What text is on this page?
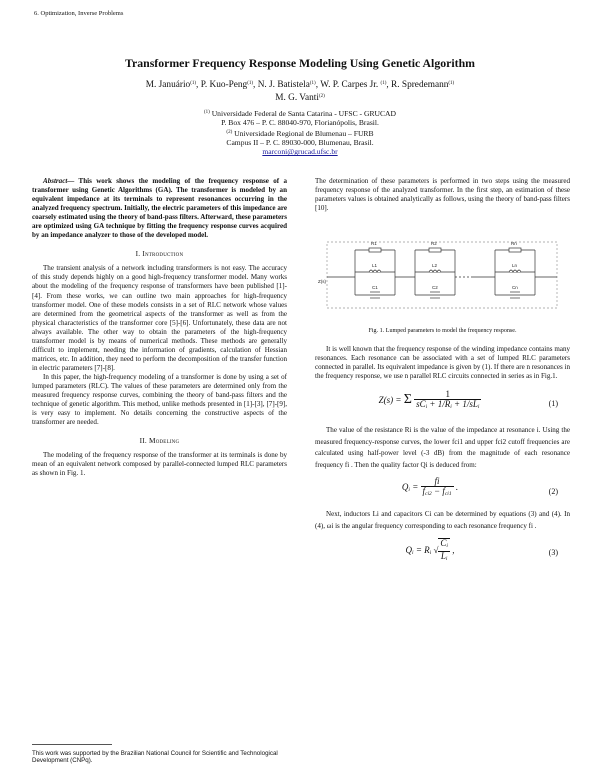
6. Optimization, Inverse Problems
Transformer Frequency Response Modeling Using Genetic Algorithm
M. Januário$^{(1)}$, P. Kuo-Peng$^{(1)}$, N. J. Batistela$^{(1)}$, W. P. Carpes Jr. $^{(1)}$, R. Spredemann$^{(1)}$
M. G. Vanti$^{(2)}$
$^{(1)}$ Universidade Federal de Santa Catarina - UFSC - GRUCAD
P. Box 476 – P. C. 88040-970, Florianópolis, Brasil.
$^{(2)}$ Universidade Regional de Blumenau – FURB
Campus II – P. C. 89030-000, Blumenau, Brasil.
marconi@grucad.ufsc.br

Abstract— This work shows the modeling of the frequency response of a transformer using Genetic Algorithms (GA). The transformer is modeled by an equivalent impedance at its terminals to represent resonances occurring in the analyzed frequency spectrum. Initially, the electric parameters of this impedance are coarsely estimated using the theory of band-pass filters. Afterward, these parameters are optimized using GA technique by fitting the frequency response curves acquired by an impedance analyzer to those of the developed model.

I. Introduction

The transient analysis of a network including transformers is not easy. The accuracy of this study depends highly on a good high-frequency transformer model. Many works about the modeling of the frequency response of transformers have been published [1]-[4]. From these works, we can outline two main approaches for high-frequency transformer model. One of these models consists in a set of RLC network whose values are determined from the geometrical aspects of the transformer as well as from the physical characteristics of the transformer core [5]-[6]. Unfortunately, these data are not always available. The other way to obtain the parameters of the high-frequency transformer model is by means of numerical methods. These methods are generally difficult to implement, needing the information of gradients, calculation of Hessian matrices, etc. In addition, they need to perform the decomposition of the transfer function in electric parameters [7]-[8].

In this paper, the high-frequency modeling of a transformer is done by using a set of lumped parameters (RLC). The values of these parameters are determined only from the measured frequency response curves, combining the theory of band-pass filters and the technique of genetic algorithm. This method, unlike methods presented in [1]-[3], [7]-[9], is very easy to implement. No details concerning the constructive aspects of the transformer are needed.

II. Modeling

The modeling of the frequency response of the transformer at its terminals is done by mean of an equivalent network composed by parallel-connected lumped RLC parameters as shown in Fig. 1.

This work was supported by the Brazilian National Council for Scientific and Technological Development (CNPq).

The determination of these parameters is performed in two steps using the measured frequency response of the analyzed transformer. In the first step, an estimation of these parameters values is obtained analytically as follows, using the theory of band-pass filters [10].

R1
L1
C1
R2
L2
C2
Rn
Ln
Cn
Z(s)

Fig. 1. Lumped parameters to model the frequency response.

It is well known that the frequency response of the winding impedance contains many resonances. Each resonance can be associated with a set of lumped RLC parameters connected in parallel. Its equivalent impedance is given by (1). If there are n resonances in the frequency response, we use n parallel RLC circuits connected in series as in Fig.1.

Z(s) = Σ $\frac{1}{sC_i + 1/R_i + 1/sL_i}$	(1)

The value of the resistance Ri is the value of the impedance at resonance i. Using the measured frequency-response curves, the lower fci1 and upper fci2 cutoff frequencies are calculated using half-power level (-3 dB) from the magnitude of each resonance frequency fi . Then the quality factor Qi is deduced from:

$Q_i = \frac{fi}{f_{ci2} - f_{ci1}}$ .	(2)

Next, inductors Li and capacitors Ci can be determined by equations (3) and (4). In (4), ωi is the angular frequency corresponding to each resonance frequency fi .

$Q_i = R_i$ √ $\frac{C_i}{L_i}$ ,	(3)
